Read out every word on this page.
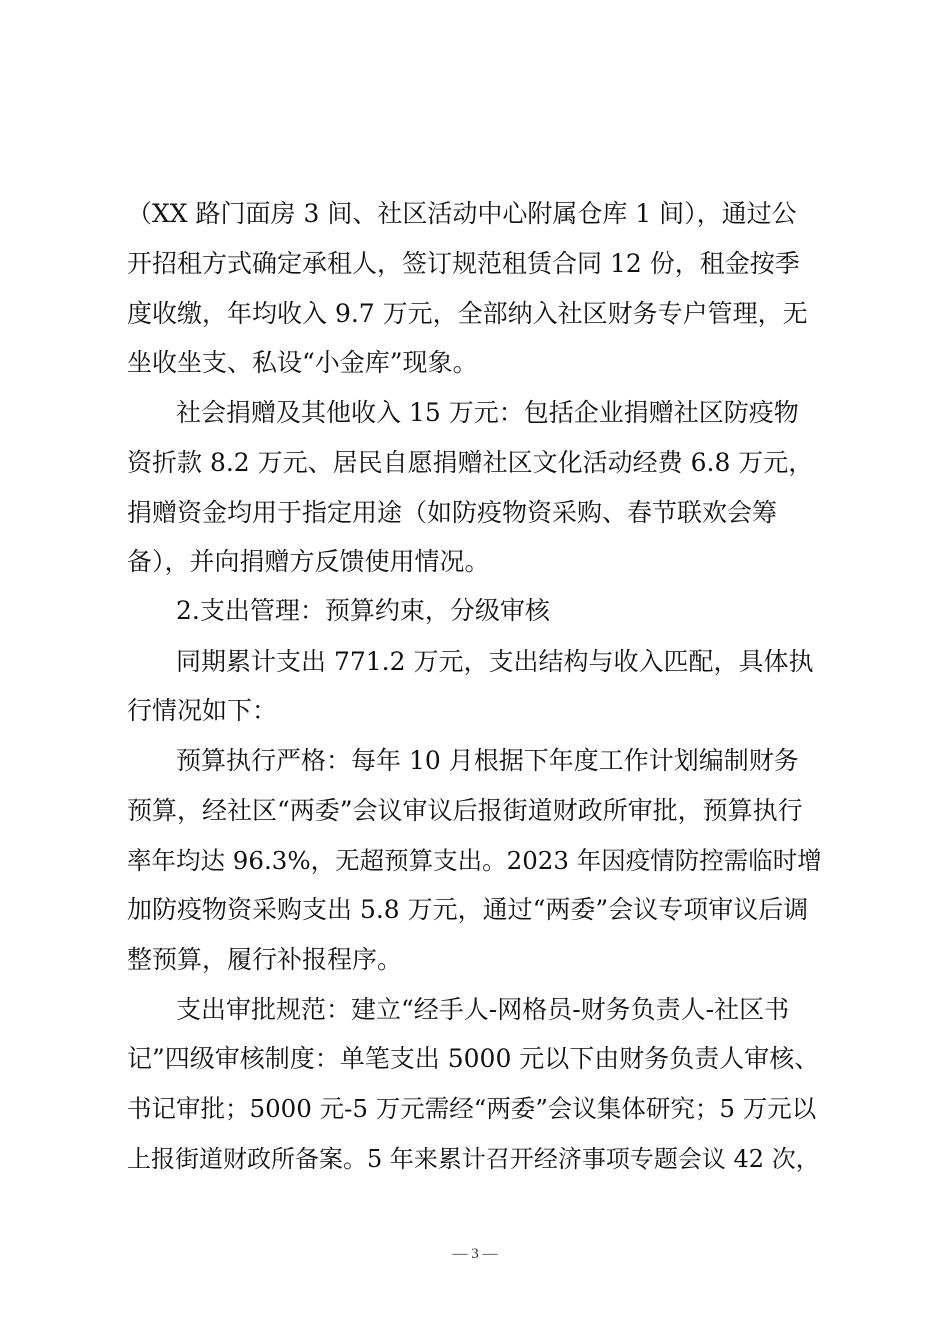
（XX 路门面房 3 间、社区活动中心附属仓库 1 间），通过公
开招租方式确定承租人，签订规范租赁合同 12 份，租金按季
度收缴，年均收入 9.7 万元，全部纳入社区财务专户管理，无
坐收坐支、私设“小金库”现象。
社会捐赠及其他收入 15 万元：包括企业捐赠社区防疫物
资折款 8.2 万元、居民自愿捐赠社区文化活动经费 6.8 万元，
捐赠资金均用于指定用途（如防疫物资采购、春节联欢会筹
备），并向捐赠方反馈使用情况。
2.支出管理：预算约束，分级审核
同期累计支出 771.2 万元，支出结构与收入匹配，具体执
行情况如下：
预算执行严格：每年 10 月根据下年度工作计划编制财务
预算，经社区“两委”会议审议后报街道财政所审批，预算执行
率年均达 96.3%，无超预算支出。2023 年因疫情防控需临时增
加防疫物资采购支出 5.8 万元，通过“两委”会议专项审议后调
整预算，履行补报程序。
支出审批规范：建立“经手人-网格员-财务负责人-社区书
记”四级审核制度：单笔支出 5000 元以下由财务负责人审核、
书记审批；5000 元-5 万元需经“两委”会议集体研究；5 万元以
上报街道财政所备案。5 年来累计召开经济事项专题会议 42 次，
— 3 —
